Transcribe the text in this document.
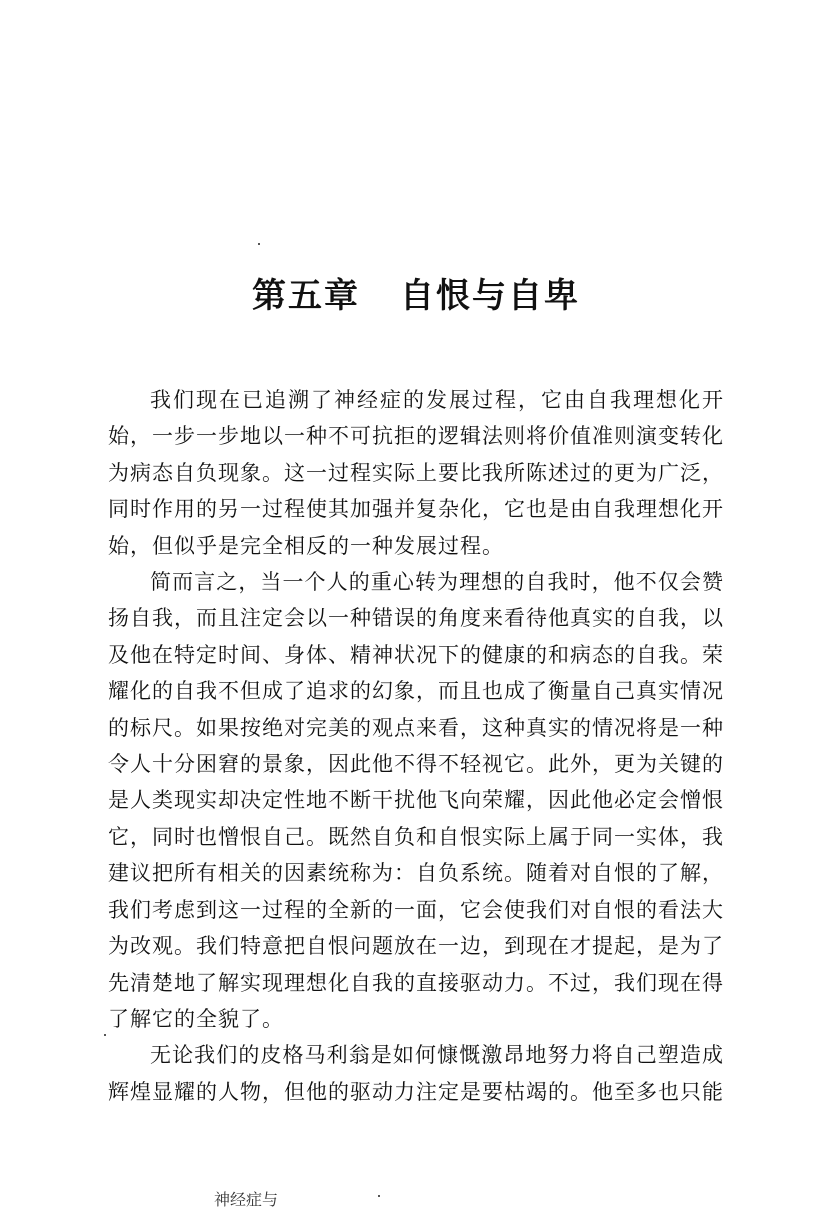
第五章 自恨与自卑

我们现在已追溯了神经症的发展过程，它由自我理想化开始，一步一步地以一种不可抗拒的逻辑法则将价值准则演变转化为病态自负现象。这一过程实际上要比我所陈述过的更为广泛，同时作用的另一过程使其加强并复杂化，它也是由自我理想化开始，但似乎是完全相反的一种发展过程。

简而言之，当一个人的重心转为理想的自我时，他不仅会赞扬自我，而且注定会以一种错误的角度来看待他真实的自我，以及他在特定时间、身体、精神状况下的健康的和病态的自我。荣耀化的自我不但成了追求的幻象，而且也成了衡量自己真实情况的标尺。如果按绝对完美的观点来看，这种真实的情况将是一种令人十分困窘的景象，因此他不得不轻视它。此外，更为关键的是人类现实却决定性地不断干扰他飞向荣耀，因此他必定会憎恨它，同时也憎恨自己。既然自负和自恨实际上属于同一实体，我建议把所有相关的因素统称为：自负系统。随着对自恨的了解，我们考虑到这一过程的全新的一面，它会使我们对自恨的看法大为改观。我们特意把自恨问题放在一边，到现在才提起，是为了先清楚地了解实现理想化自我的直接驱动力。不过，我们现在得了解它的全貌了。

无论我们的皮格马利翁是如何慷慨激昂地努力将自己塑造成辉煌显耀的人物，但他的驱动力注定是要枯竭的。他至多也只能

神经症与
